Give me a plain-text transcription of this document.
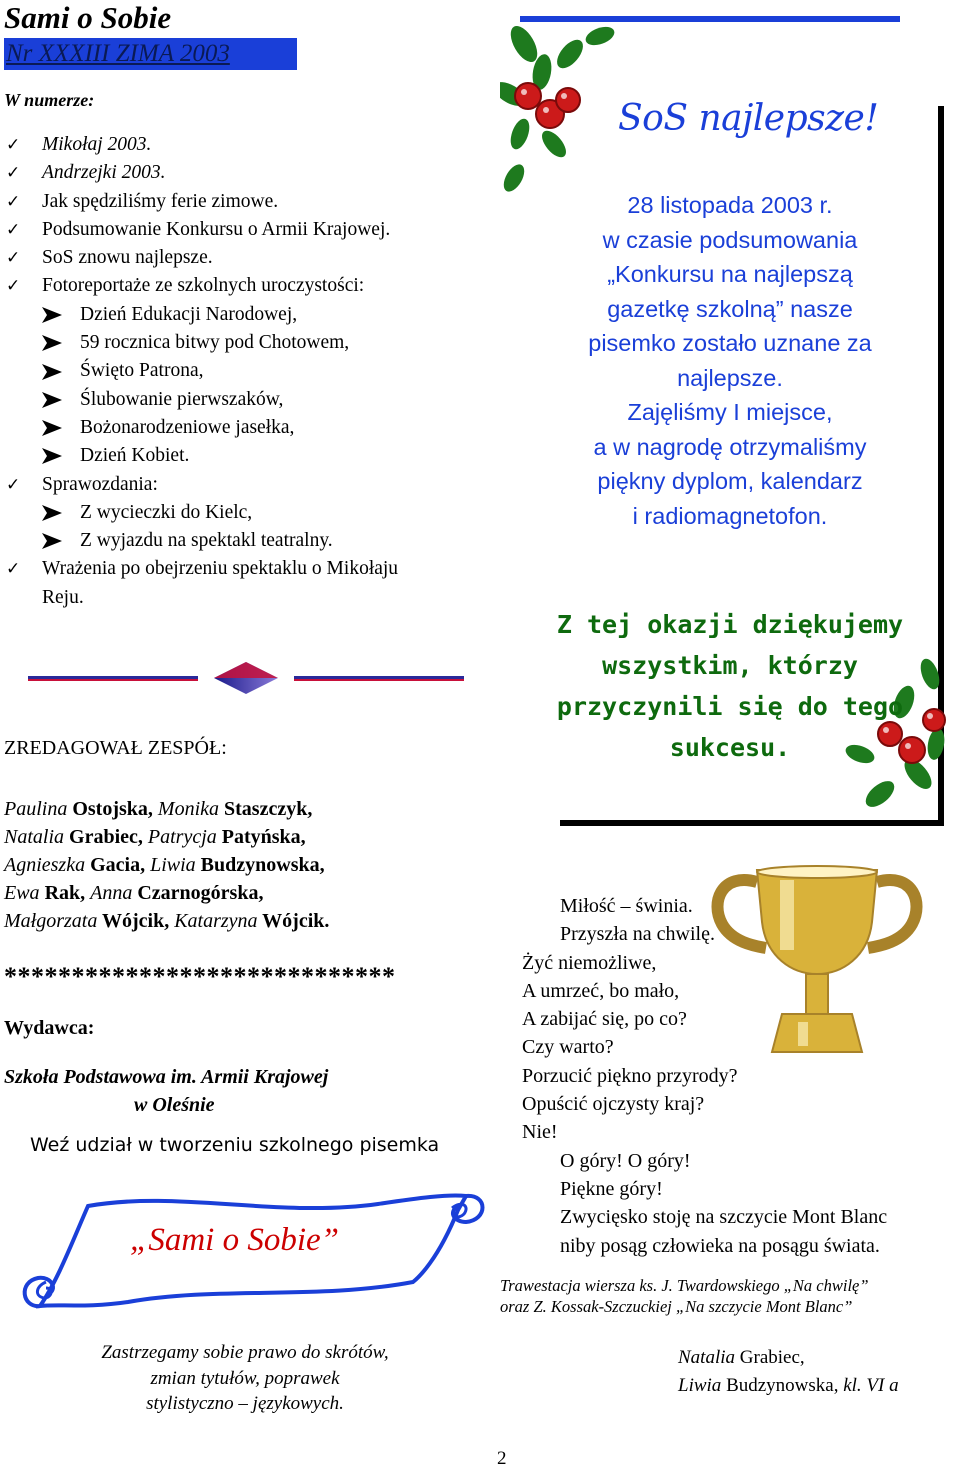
Sami o Sobie
Nr XXXIII ZIMA 2003
W numerze:
✓	Mikołaj 2003.
✓	Andrzejki 2003.
✓	Jak spędziliśmy ferie zimowe.
✓	Podsumowanie Konkursu o Armii Krajowej.
✓	SoS znowu najlepsze.
✓	Fotoreportaże ze szkolnych uroczystości:
Dzień Edukacji Narodowej,
59 rocznica bitwy pod Chotowem,
Święto Patrona,
Ślubowanie pierwszaków,
Bożonarodzeniowe jasełka,
Dzień Kobiet.
✓	Sprawozdania:
Z wycieczki do Kielc,
Z wyjazdu na spektakl teatralny.
✓	Wrażenia po obejrzeniu spektaklu o Mikołaju
Reju.
ZREDAGOWAŁ ZESPÓŁ:
Paulina Ostojska, Monika Staszczyk,
Natalia Grabiec, Patrycja Patyńska,
Agnieszka Gacia, Liwia Budzynowska,
Ewa Rak, Anna Czarnogórska,
Małgorzata Wójcik, Katarzyna Wójcik.
*****************************
Wydawca:
Szkoła Podstawowa im. Armii Krajowej
w Oleśnie
Weź udział w tworzeniu szkolnego pisemka
„Sami o Sobie”
Zastrzegamy sobie prawo do skrótów,
zmian tytułów, poprawek
stylistyczno – językowych.
2
SoS najlepsze!
28 listopada 2003 r.
w czasie podsumowania
„Konkursu na najlepszą
gazetkę szkolną” nasze
pisemko zostało uznane za
najlepsze.
Zajęliśmy I miejsce,
a w nagrodę otrzymaliśmy
piękny dyplom, kalendarz
i radiomagnetofon.
Z tej okazji dziękujemy
wszystkim, którzy
przyczynili się do tego
sukcesu.
Miłość – świnia.
Przyszła na chwilę.
Żyć niemożliwe,
A umrzeć, bo mało,
A zabijać się, po co?
Czy warto?
Porzucić piękno przyrody?
Opuścić ojczysty kraj?
Nie!
O góry! O góry!
Piękne góry!
Zwycięsko stoję na szczycie Mont Blanc
niby posąg człowieka na posągu świata.
Trawestacja wiersza ks. J. Twardowskiego „Na chwilę”
oraz Z. Kossak-Szczuckiej „Na szczycie Mont Blanc”
Natalia Grabiec,
Liwia Budzynowska, kl. VI a
